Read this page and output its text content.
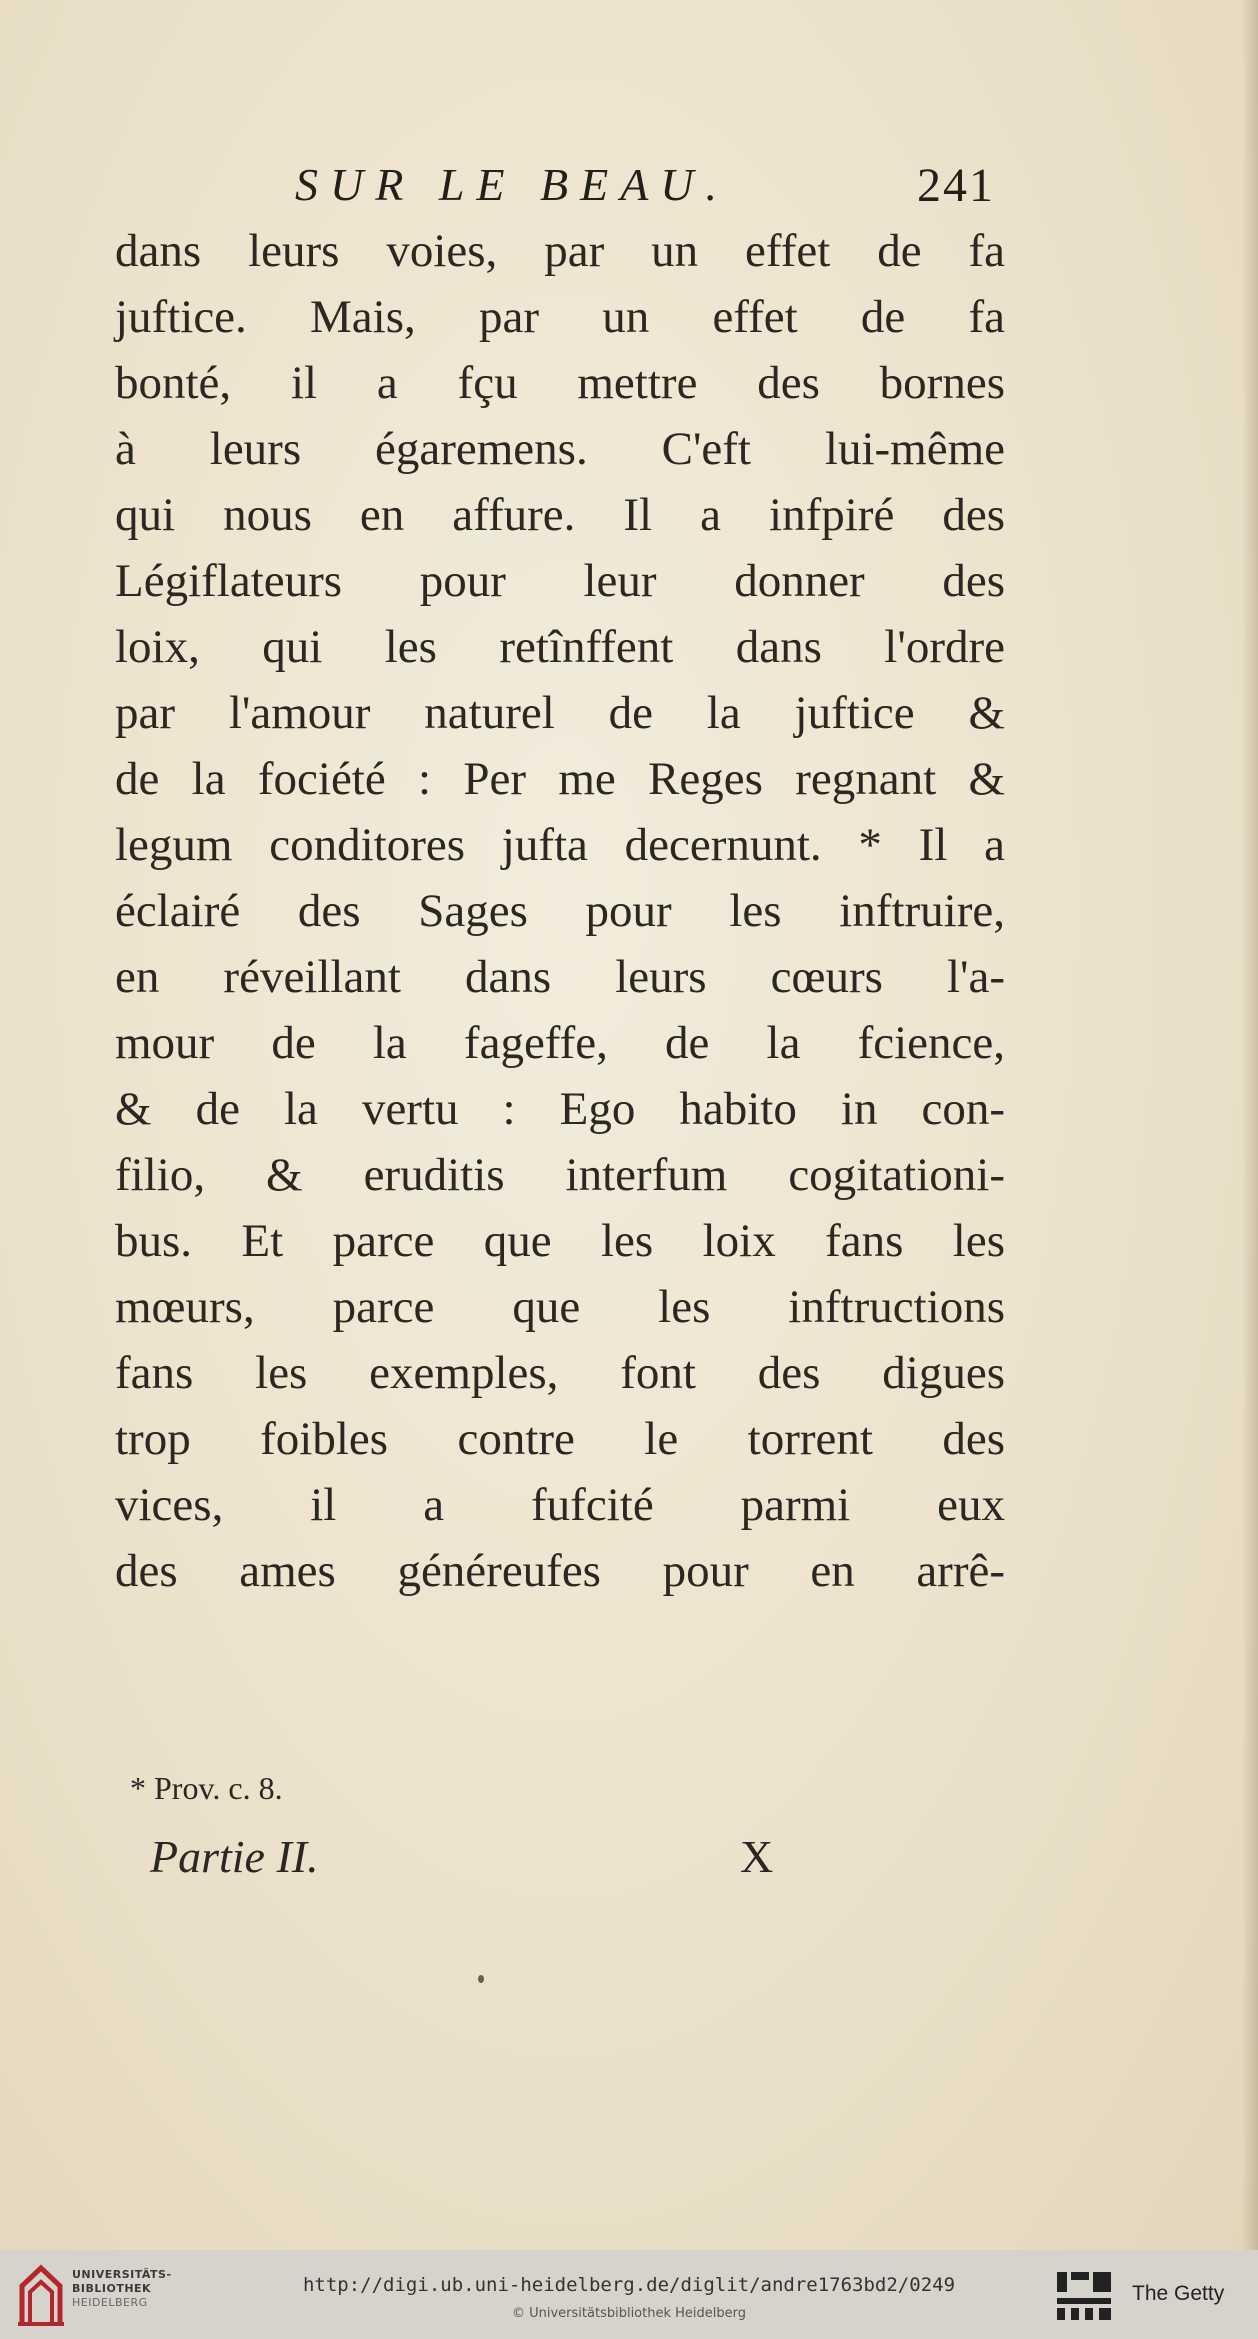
SUR LE BEAU.	241
dans leurs voies, par un effet de fa
juftice. Mais, par un effet de fa
bonté, il a fçu mettre des bornes
à leurs égaremens. C'eft lui-même
qui nous en affure. Il a infpiré des
Légiflateurs pour leur donner des
loix, qui les retînffent dans l'ordre
par l'amour naturel de la juftice &
de la fociété : Per me Reges regnant &
legum conditores jufta decernunt. * Il a
éclairé des Sages pour les inftruire,
en réveillant dans leurs cœurs l'a-
mour de la fageffe, de la fcience,
& de la vertu : Ego habito in con-
filio, & eruditis interfum cogitationi-
bus. Et parce que les loix fans les
mœurs, parce que les inftructions
fans les exemples, font des digues
trop foibles contre le torrent des
vices, il a fufcité parmi eux
des ames généreufes pour en arrê-
* Prov. c. 8.
Partie II.	X
UNIVERSITÄTS-
BIBLIOTHEK
HEIDELBERG
http://digi.ub.uni-heidelberg.de/diglit/andre1763bd2/0249
© Universitätsbibliothek Heidelberg
The Getty
